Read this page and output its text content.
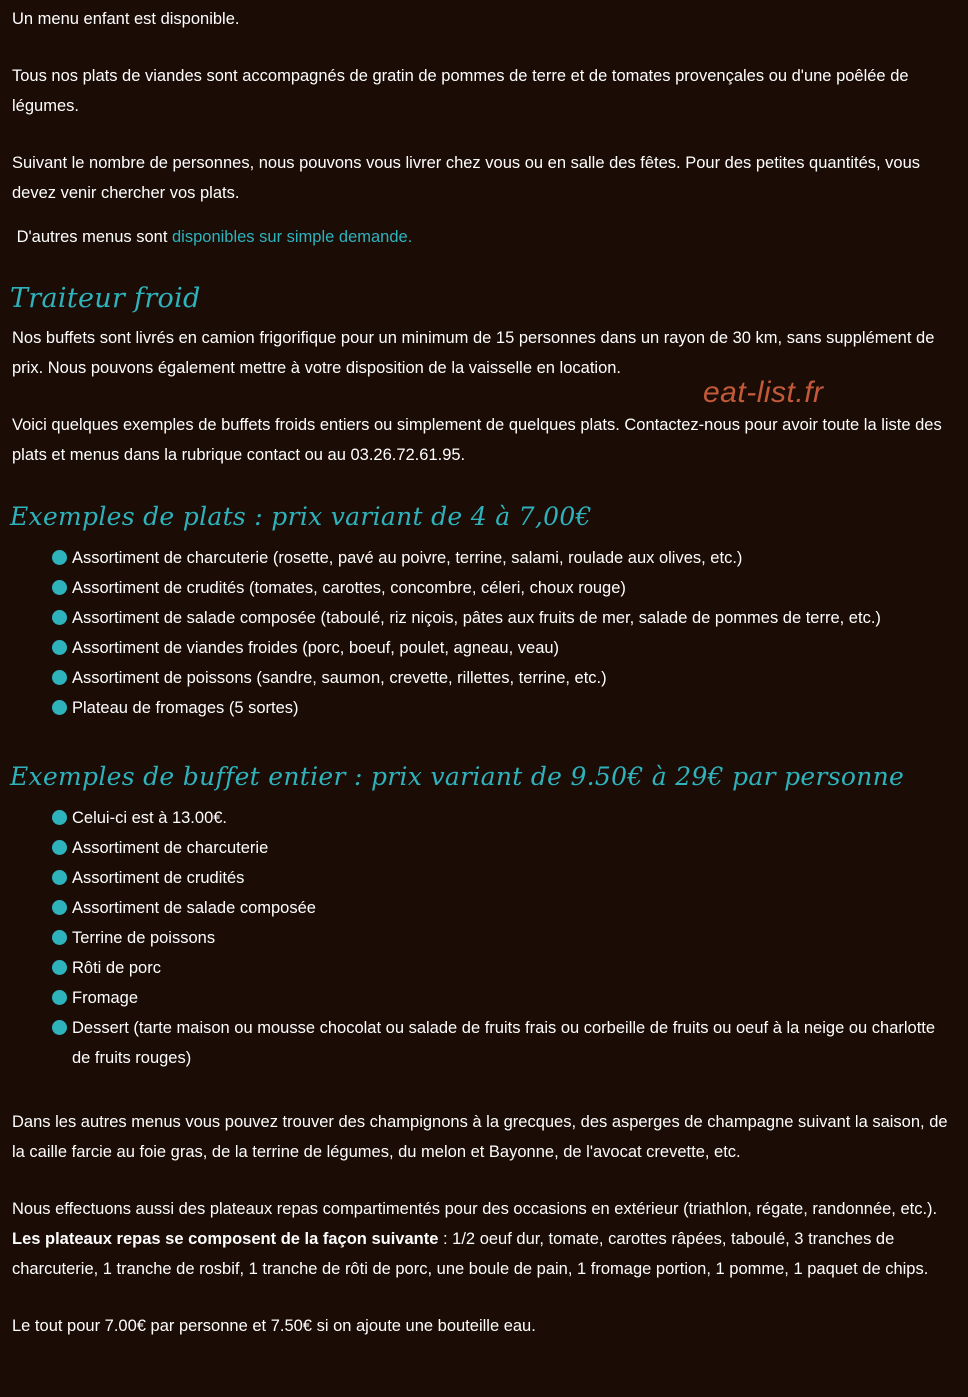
Un menu enfant est disponible.

Tous nos plats de viandes sont accompagnés de gratin de pommes de terre et de tomates provençales ou d'une poêlée de légumes.

Suivant le nombre de personnes, nous pouvons vous livrer chez vous ou en salle des fêtes. Pour des petites quantités, vous devez venir chercher vos plats.

D'autres menus sont disponibles sur simple demande.

Traiteur froid

Nos buffets sont livrés en camion frigorifique pour un minimum de 15 personnes dans un rayon de 30 km, sans supplément de prix. Nous pouvons également mettre à votre disposition de la vaisselle en location.

Voici quelques exemples de buffets froids entiers ou simplement de quelques plats. Contactez-nous pour avoir toute la liste des plats et menus dans la rubrique contact ou au 03.26.72.61.95.

Exemples de plats : prix variant de 4 à 7,00€
Assortiment de charcuterie (rosette, pavé au poivre, terrine, salami, roulade aux olives, etc.)
Assortiment de crudités (tomates, carottes, concombre, céleri, choux rouge)
Assortiment de salade composée (taboulé, riz niçois, pâtes aux fruits de mer, salade de pommes de terre, etc.)
Assortiment de viandes froides (porc, boeuf, poulet, agneau, veau)
Assortiment de poissons (sandre, saumon, crevette, rillettes, terrine, etc.)
Plateau de fromages (5 sortes)
Exemples de buffet entier : prix variant de 9.50€ à 29€ par personne
Celui-ci est à 13.00€.
Assortiment de charcuterie
Assortiment de crudités
Assortiment de salade composée
Terrine de poissons
Rôti de porc
Fromage
Dessert (tarte maison ou mousse chocolat ou salade de fruits frais ou corbeille de fruits ou oeuf à la neige ou charlotte de fruits rouges)

Dans les autres menus vous pouvez trouver des champignons à la grecques, des asperges de champagne suivant la saison, de la caille farcie au foie gras, de la terrine de légumes, du melon et Bayonne, de l'avocat crevette, etc.

Nous effectuons aussi des plateaux repas compartimentés pour des occasions en extérieur (triathlon, régate, randonnée, etc.). Les plateaux repas se composent de la façon suivante : 1/2 oeuf dur, tomate, carottes râpées, taboulé, 3 tranches de charcuterie, 1 tranche de rosbif, 1 tranche de rôti de porc, une boule de pain, 1 fromage portion, 1 pomme, 1 paquet de chips.

Le tout pour 7.00€ par personne et 7.50€ si on ajoute une bouteille eau.

eat-list.fr
